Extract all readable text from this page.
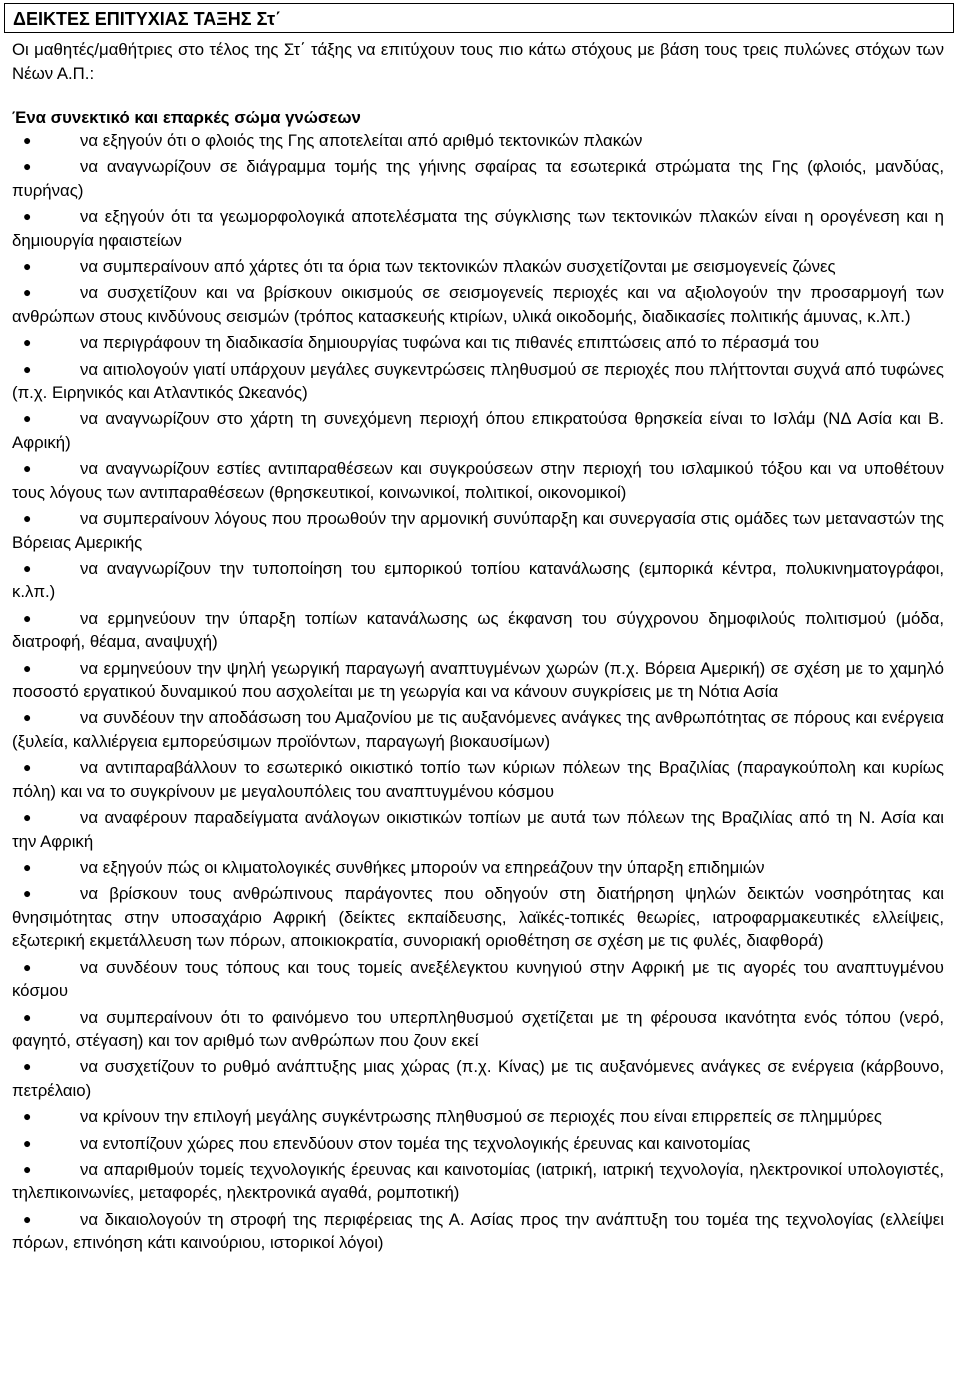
ΔΕΙΚΤΕΣ ΕΠΙΤΥΧΙΑΣ ΤΑΞΗΣ Στ΄
Οι μαθητές/μαθήτριες στο τέλος της Στ΄ τάξης να επιτύχουν τους πιο κάτω στόχους με βάση τους τρεις πυλώνες στόχων των Νέων Α.Π.:
Ένα συνεκτικό και επαρκές σώμα γνώσεων
●	να εξηγούν ότι ο φλοιός της Γης αποτελείται από αριθμό τεκτονικών πλακών
●	να αναγνωρίζουν σε διάγραμμα τομής της γήινης σφαίρας τα εσωτερικά στρώματα της Γης (φλοιός, μανδύας, πυρήνας)
●	να εξηγούν ότι τα γεωμορφολογικά αποτελέσματα της σύγκλισης των τεκτονικών πλακών είναι η ορογένεση και η δημιουργία ηφαιστείων
●	να συμπεραίνουν από χάρτες ότι τα όρια των τεκτονικών πλακών συσχετίζονται με σεισμογενείς ζώνες
●	να συσχετίζουν και να βρίσκουν οικισμούς σε σεισμογενείς περιοχές και να αξιολογούν την προσαρμογή των ανθρώπων στους κινδύνους σεισμών (τρόπος κατασκευής κτιρίων, υλικά οικοδομής, διαδικασίες πολιτικής άμυνας, κ.λπ.)
●	να περιγράφουν τη διαδικασία δημιουργίας τυφώνα και τις πιθανές επιπτώσεις από το πέρασμά του
●	να αιτιολογούν γιατί υπάρχουν μεγάλες συγκεντρώσεις πληθυσμού σε περιοχές που πλήττονται συχνά από τυφώνες (π.χ. Ειρηνικός και Ατλαντικός Ωκεανός)
●	να αναγνωρίζουν στο χάρτη τη συνεχόμενη περιοχή όπου επικρατούσα θρησκεία είναι το Ισλάμ (ΝΔ Ασία και Β. Αφρική)
●	να αναγνωρίζουν εστίες αντιπαραθέσεων και συγκρούσεων στην περιοχή του ισλαμικού τόξου και να υποθέτουν τους λόγους των αντιπαραθέσεων (θρησκευτικοί, κοινωνικοί, πολιτικοί, οικονομικοί)
●	να συμπεραίνουν λόγους που προωθούν την αρμονική συνύπαρξη και συνεργασία στις ομάδες των μεταναστών της Βόρειας Αμερικής
●	να αναγνωρίζουν την τυποποίηση του εμπορικού τοπίου κατανάλωσης (εμπορικά κέντρα, πολυκινηματογράφοι, κ.λπ.)
●	να ερμηνεύουν την ύπαρξη τοπίων κατανάλωσης ως έκφανση του σύγχρονου δημοφιλούς πολιτισμού (μόδα, διατροφή, θέαμα, αναψυχή)
●	να ερμηνεύουν την ψηλή γεωργική παραγωγή αναπτυγμένων χωρών (π.χ. Βόρεια Αμερική) σε σχέση με το χαμηλό ποσοστό εργατικού δυναμικού που ασχολείται με τη γεωργία και να κάνουν συγκρίσεις με τη Νότια Ασία
●	να συνδέουν την αποδάσωση του Αμαζονίου με τις αυξανόμενες ανάγκες της ανθρωπότητας σε πόρους και ενέργεια (ξυλεία, καλλιέργεια εμπορεύσιμων προϊόντων, παραγωγή βιοκαυσίμων)
●	να αντιπαραβάλλουν το εσωτερικό οικιστικό τοπίο των κύριων πόλεων της Βραζιλίας (παραγκούπολη και κυρίως πόλη) και να το συγκρίνουν με μεγαλουπόλεις του αναπτυγμένου κόσμου
●	να αναφέρουν παραδείγματα ανάλογων οικιστικών τοπίων με αυτά των πόλεων της Βραζιλίας από τη Ν. Ασία και την Αφρική
●	να εξηγούν πώς οι κλιματολογικές συνθήκες μπορούν να επηρεάζουν την ύπαρξη επιδημιών
●	να βρίσκουν τους ανθρώπινους παράγοντες που οδηγούν στη διατήρηση ψηλών δεικτών νοσηρότητας και θνησιμότητας στην υποσαχάριο Αφρική (δείκτες εκπαίδευσης, λαϊκές-τοπικές θεωρίες, ιατροφαρμακευτικές ελλείψεις, εξωτερική εκμετάλλευση των πόρων, αποικιοκρατία, συνοριακή οριοθέτηση σε σχέση με τις φυλές, διαφθορά)
●	να συνδέουν τους τόπους και τους τομείς ανεξέλεγκτου κυνηγιού στην Αφρική με τις αγορές του αναπτυγμένου κόσμου
●	να συμπεραίνουν ότι το φαινόμενο του υπερπληθυσμού σχετίζεται με τη φέρουσα ικανότητα ενός τόπου (νερό, φαγητό, στέγαση) και τον αριθμό των ανθρώπων που ζουν εκεί
●	να συσχετίζουν το ρυθμό ανάπτυξης μιας χώρας (π.χ. Κίνας) με τις αυξανόμενες ανάγκες σε ενέργεια (κάρβουνο, πετρέλαιο)
●	να κρίνουν την επιλογή μεγάλης συγκέντρωσης πληθυσμού σε περιοχές που είναι επιρρεπείς σε πλημμύρες
●	να εντοπίζουν χώρες που επενδύουν στον τομέα της τεχνολογικής έρευνας και καινοτομίας
●	να απαριθμούν τομείς τεχνολογικής έρευνας και καινοτομίας (ιατρική, ιατρική τεχνολογία, ηλεκτρονικοί υπολογιστές, τηλεπικοινωνίες, μεταφορές, ηλεκτρονικά αγαθά, ρομποτική)
●	να δικαιολογούν τη στροφή της περιφέρειας της Α. Ασίας προς την ανάπτυξη του τομέα της τεχνολογίας (ελλείψει πόρων, επινόηση κάτι καινούριου, ιστορικοί λόγοι)
